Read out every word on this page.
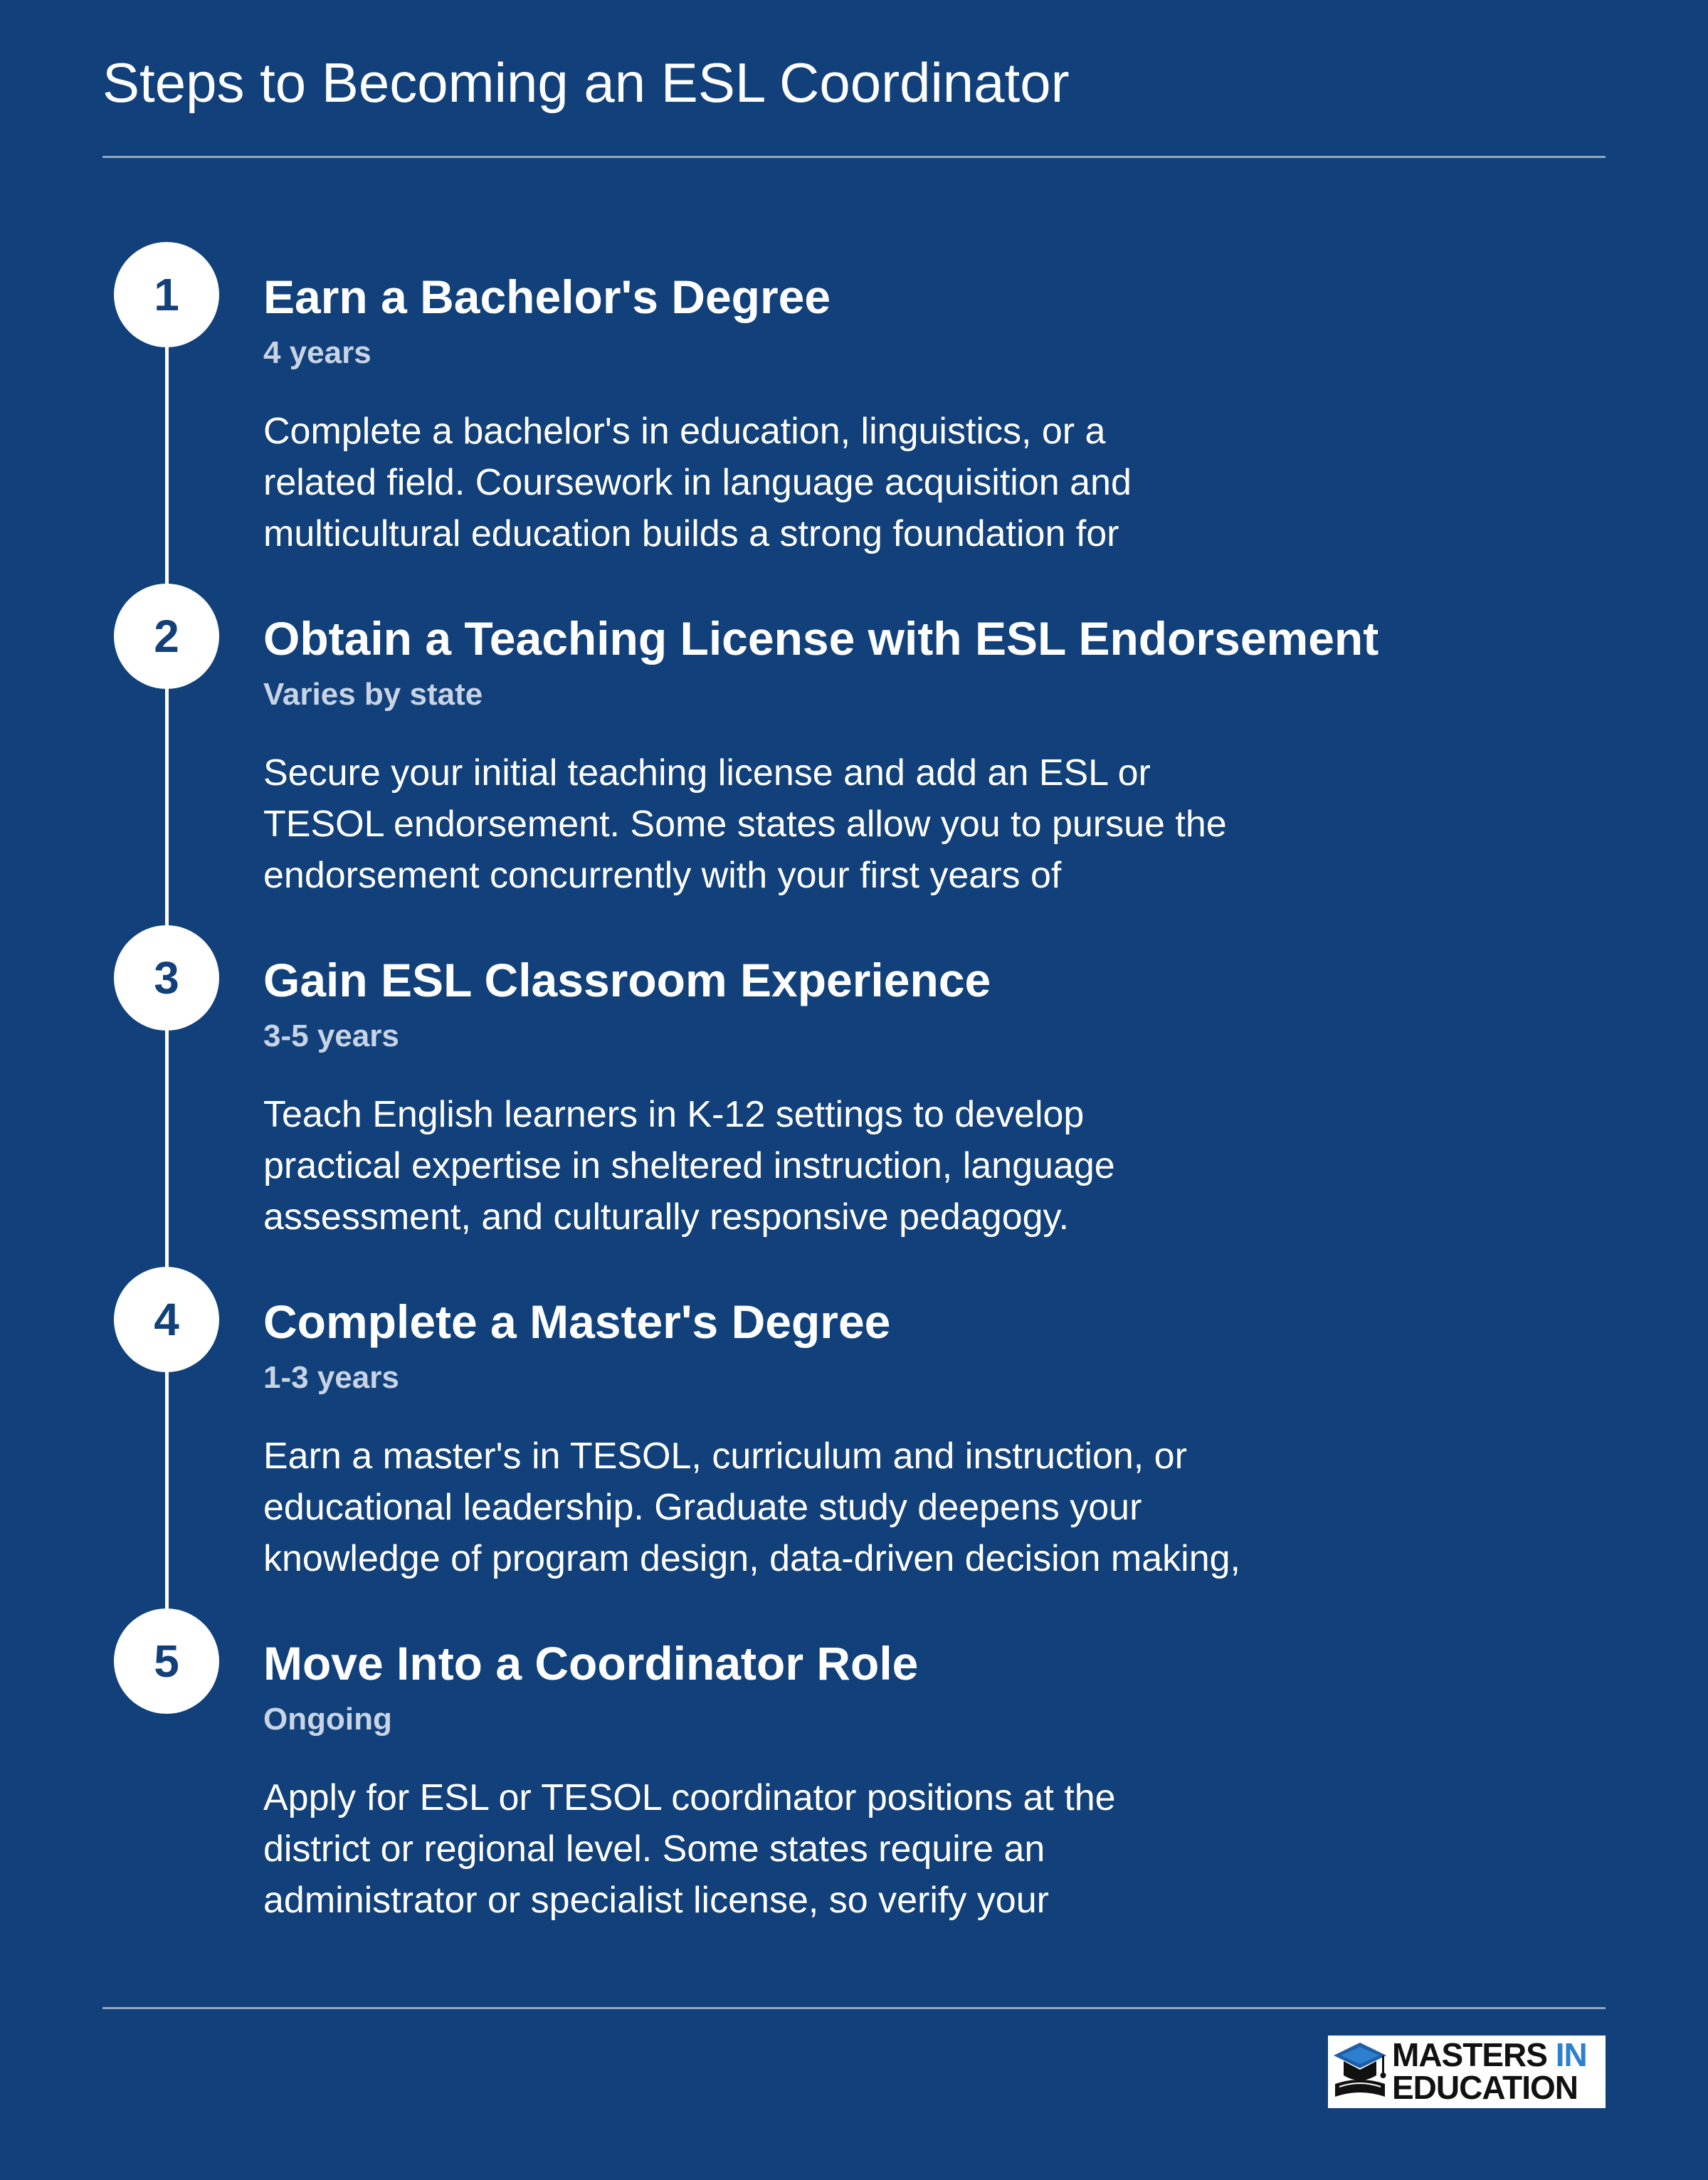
Steps to Becoming an ESL Coordinator
1	Earn a Bachelor's Degree
4 years

Complete a bachelor's in education, linguistics, or a
related field. Coursework in language acquisition and
multicultural education builds a strong foundation for

2	Obtain a Teaching License with ESL Endorsement
Varies by state

Secure your initial teaching license and add an ESL or
TESOL endorsement. Some states allow you to pursue the
endorsement concurrently with your first years of

3	Gain ESL Classroom Experience
3-5 years

Teach English learners in K-12 settings to develop
practical expertise in sheltered instruction, language
assessment, and culturally responsive pedagogy.

4	Complete a Master's Degree
1-3 years

Earn a master's in TESOL, curriculum and instruction, or
educational leadership. Graduate study deepens your
knowledge of program design, data-driven decision making,

5	Move Into a Coordinator Role
Ongoing

Apply for ESL or TESOL coordinator positions at the
district or regional level. Some states require an
administrator or specialist license, so verify your

MASTERS IN
EDUCATION
